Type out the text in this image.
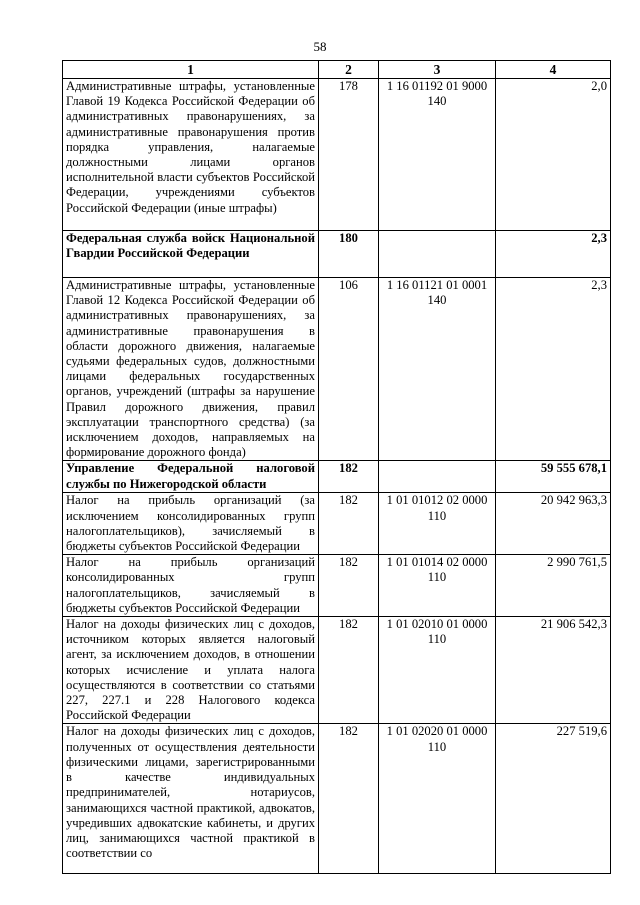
58
1	2	3	4
Административные штрафы, установленные Главой 19 Кодекса Российской Федерации об административных правонарушениях, за административные правонарушения против порядка управления, налагаемые должностными лицами органов исполнительной власти субъектов Российской Федерации, учреждениями субъектов Российской Федерации (иные штрафы)	178	1 16 01192 01 9000 140	2,0
Федеральная служба войск Национальной Гвардии Российской Федерации	180		2,3
Административные штрафы, установленные Главой 12 Кодекса Российской Федерации об административных правонарушениях, за административные правонарушения в области дорожного движения, налагаемые судьями федеральных судов, должностными лицами федеральных государственных органов, учреждений (штрафы за нарушение Правил дорожного движения, правил эксплуатации транспортного средства) (за исключением доходов, направляемых на формирование дорожного фонда)	106	1 16 01121 01 0001 140	2,3
Управление Федеральной налоговой службы по Нижегородской области	182		59 555 678,1
Налог на прибыль организаций (за исключением консолидированных групп налогоплательщиков), зачисляемый в бюджеты субъектов Российской Федерации	182	1 01 01012 02 0000 110	20 942 963,3
Налог на прибыль организаций консолидированных групп налогоплательщиков, зачисляемый в бюджеты субъектов Российской Федерации	182	1 01 01014 02 0000 110	2 990 761,5
Налог на доходы физических лиц с доходов, источником которых является налоговый агент, за исключением доходов, в отношении которых исчисление и уплата налога осуществляются в соответствии со статьями 227, 227.1 и 228 Налогового кодекса Российской Федерации	182	1 01 02010 01 0000 110	21 906 542,3
Налог на доходы физических лиц с доходов, полученных от осуществления деятельности физическими лицами, зарегистрированными в качестве индивидуальных предпринимателей, нотариусов, занимающихся частной практикой, адвокатов, учредивших адвокатские кабинеты, и других лиц, занимающихся частной практикой в соответствии со	182	1 01 02020 01 0000 110	227 519,6
